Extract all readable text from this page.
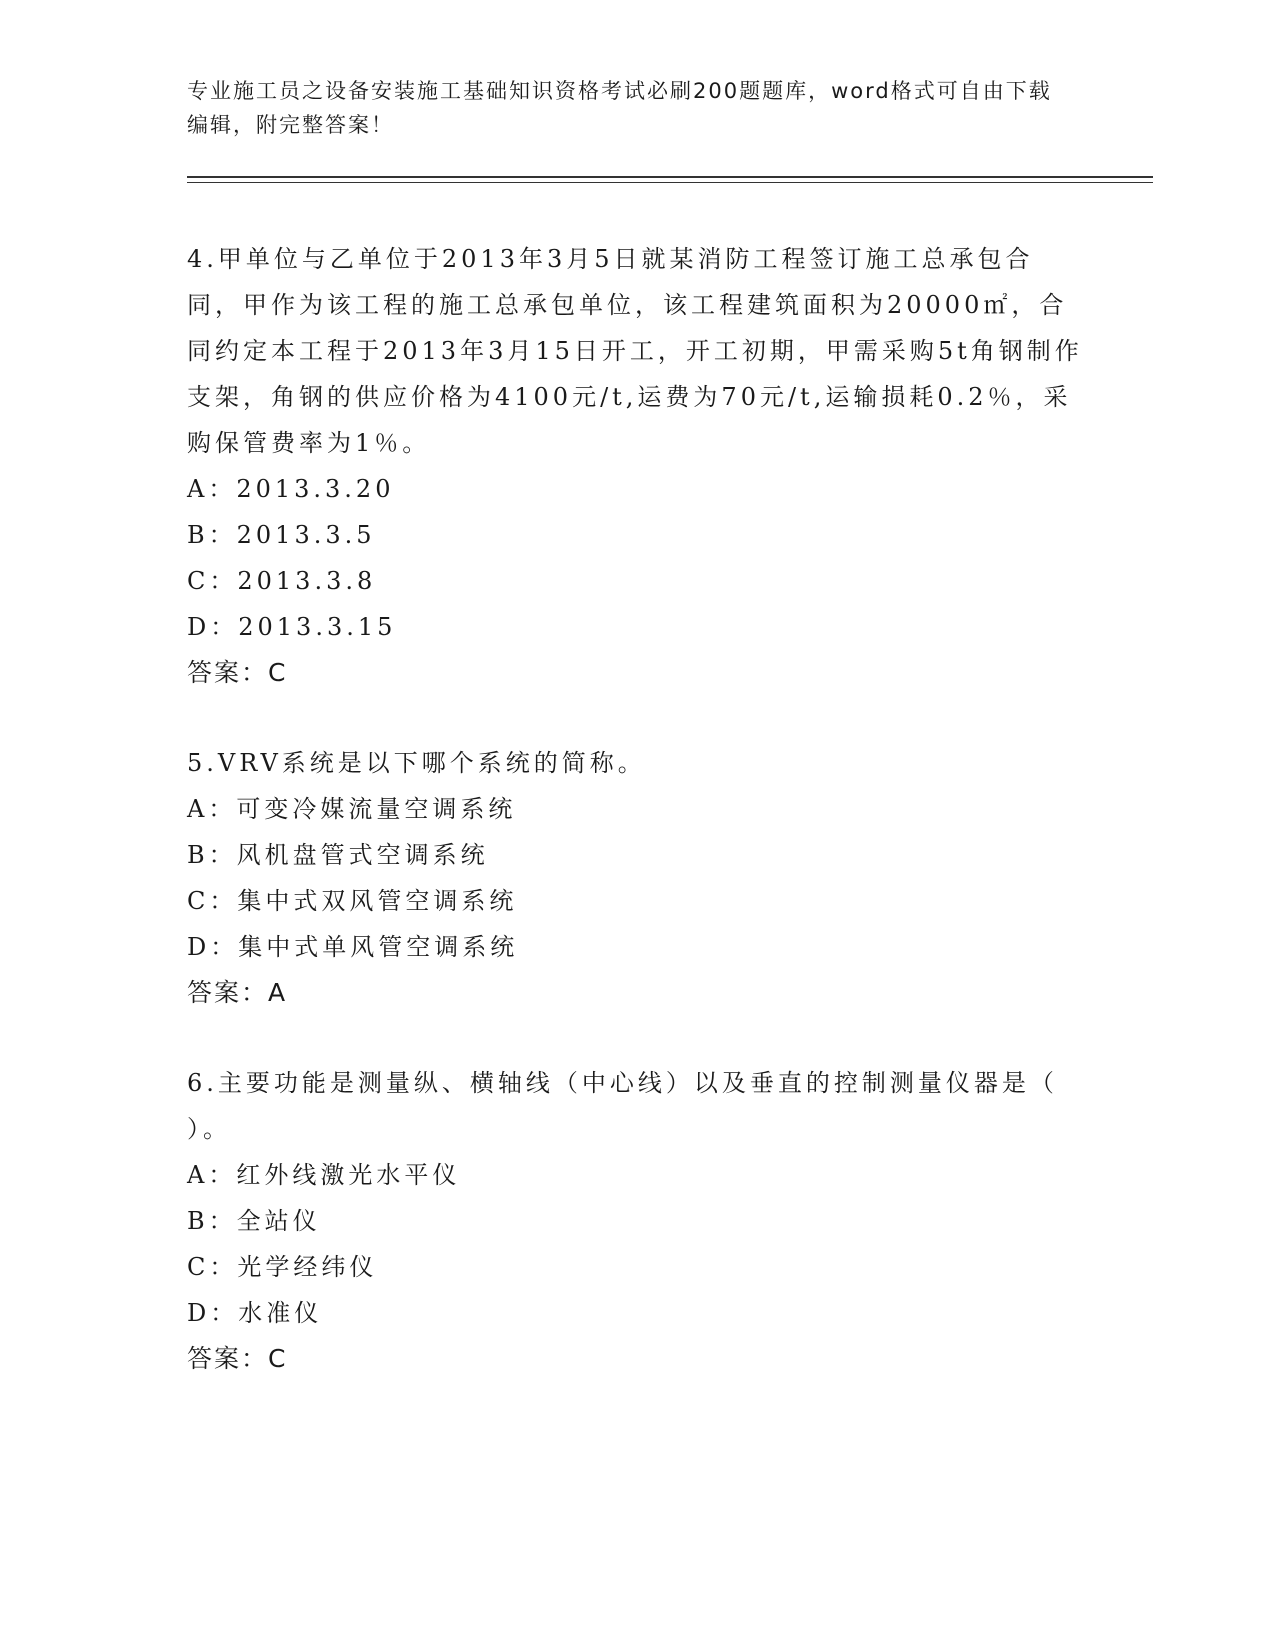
专业施工员之设备安装施工基础知识资格考试必刷200题题库，word格式可自由下载编辑，附完整答案！

4.甲单位与乙单位于2013年3月5日就某消防工程签订施工总承包合同，甲作为该工程的施工总承包单位，该工程建筑面积为20000㎡，合同约定本工程于2013年3月15日开工，开工初期，甲需采购5t角钢制作支架，角钢的供应价格为4100元/t,运费为70元/t,运输损耗0.2％，采购保管费率为1％。

A：2013.3.20

B：2013.3.5

C：2013.3.8

D：2013.3.15

答案：C

5.VRV系统是以下哪个系统的简称。

A：可变冷媒流量空调系统

B：风机盘管式空调系统

C：集中式双风管空调系统

D：集中式单风管空调系统

答案：A

6.主要功能是测量纵、横轴线（中心线）以及垂直的控制测量仪器是（ ）。

A：红外线激光水平仪

B：全站仪

C：光学经纬仪

D：水准仪

答案：C
